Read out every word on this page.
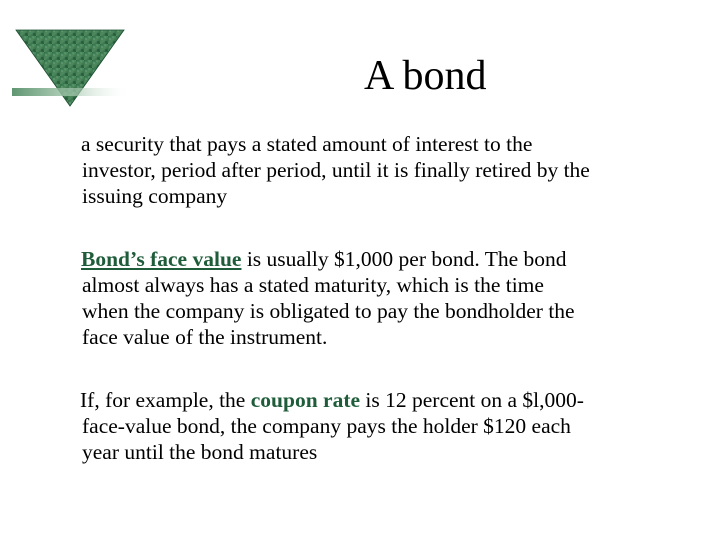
A bond
a security that pays a stated amount of interest to the
investor, period after period, until it is finally retired by the
issuing company
Bond’s face value is usually $1,000 per bond. The bond
almost always has a stated maturity, which is the time
when the company is obligated to pay the bondholder the
face value of the instrument.
If, for example, the coupon rate is 12 percent on a $l,000-
face-value bond, the company pays the holder $120 each
year until the bond matures
